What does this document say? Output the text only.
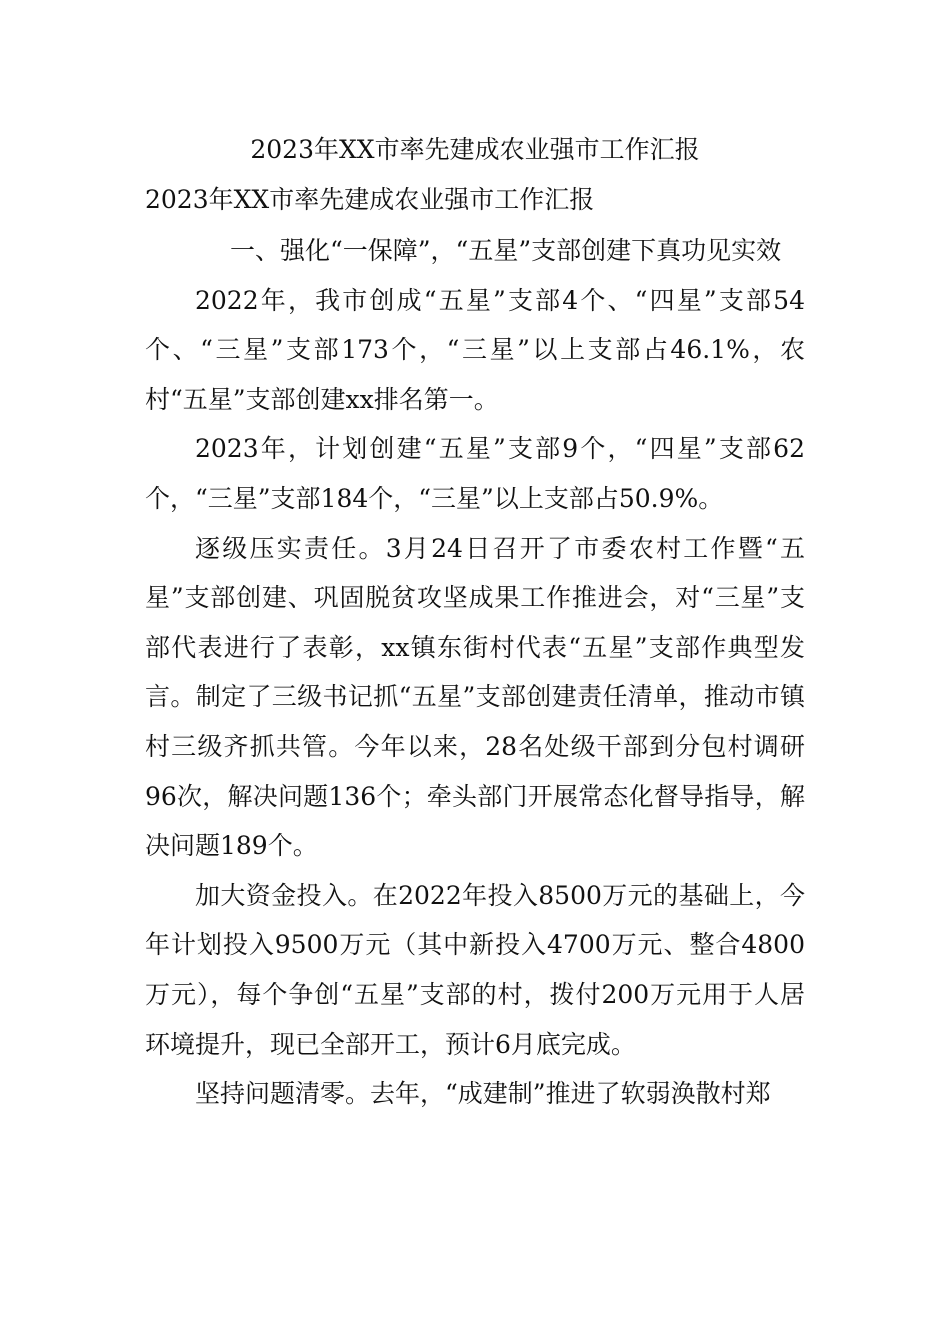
2023年XX市率先建成农业强市工作汇报
2023年XX市率先建成农业强市工作汇报

一、强化“一保障”，“五星”支部创建下真功见实效

2022年，我市创成“五星”支部4个、“四星”支部54个、“三星”支部173个，“三星”以上支部占46.1%，农村“五星”支部创建xx排名第一。

2023年，计划创建“五星”支部9个，“四星”支部62个，“三星”支部184个，“三星”以上支部占50.9%。

逐级压实责任。3月24日召开了市委农村工作暨“五星”支部创建、巩固脱贫攻坚成果工作推进会，对“三星”支部代表进行了表彰，xx镇东街村代表“五星”支部作典型发言。制定了三级书记抓“五星”支部创建责任清单，推动市镇村三级齐抓共管。今年以来，28名处级干部到分包村调研96次，解决问题136个；牵头部门开展常态化督导指导，解决问题189个。

加大资金投入。在2022年投入8500万元的基础上，今年计划投入9500万元（其中新投入4700万元、整合4800万元），每个争创“五星”支部的村，拨付200万元用于人居环境提升，现已全部开工，预计6月底完成。

坚持问题清零。去年，“成建制”推进了软弱涣散村郑
